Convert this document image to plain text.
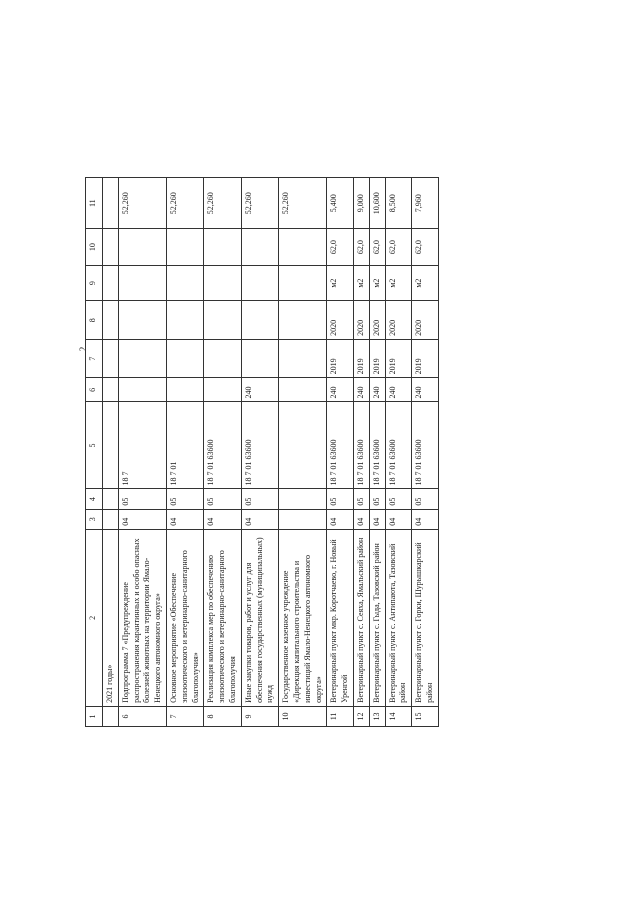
2
1	2	3	4	5	6	7	8	9	10	11
	2021 годы»									
6	Подпрограмма 7 «Предупреждение распространения карантинных и особо опасных болезней животных на территории Ямало-Ненецкого автономного округа»	04	05	18 7						52,260
7	Основное мероприятие «Обеспечение эпизоотического и ветеринарно-санитарного благополучия»	04	05	18 7 01						52,260
8	Реализация комплекса мер по обеспечению эпизоотического и ветеринарно-санитарного благополучия	04	05	18 7 01 63600						52,260
9	Иные закупки товаров, работ и услуг для обеспечения государственных (муниципальных) нужд	04	05	18 7 01 63600	240					52,260
10	Государственное казенное учреждение «Дирекция капитального строительства и инвестиций Ямало-Ненецкого автономного округа»									52,260
11	Ветеринарный пункт мкр. Коротчаево, г. Новый Уренгой	04	05	18 7 01 63600	240	2019	2020	м2	62,0	5,400
12	Ветеринарный пункт с. Сеяха, Ямальский район	04	05	18 7 01 63600	240	2019	2020	м2	62,0	9,000
13	Ветеринарный пункт с. Гыда, Тазовский район	04	05	18 7 01 63600	240	2019	2020	м2	62,0	10,600
14	Ветеринарный пункт с. Антипаюта, Тазовский район	04	05	18 7 01 63600	240	2019	2020	м2	62,0	8,500
15	Ветеринарный пункт с. Горки, Шурышкарский район	04	05	18 7 01 63600	240	2019	2020	м2	62,0	7,960
